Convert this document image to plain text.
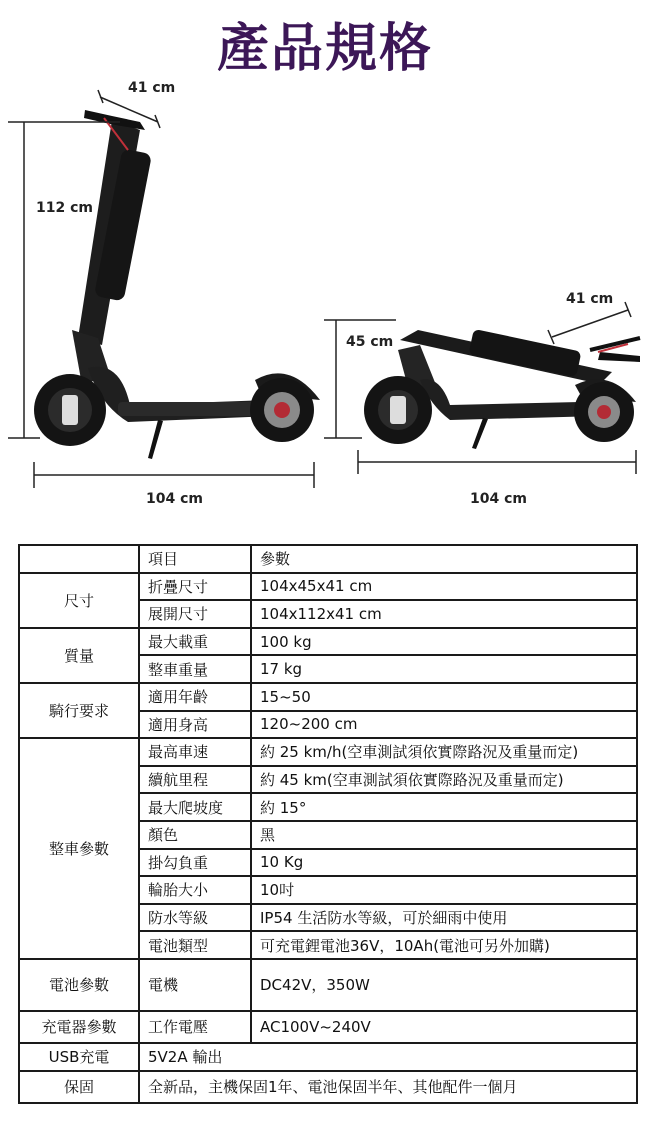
產品規格
41 cm
112 cm
104 cm
41 cm
45 cm
104 cm
	項目	參數
尺寸	折疊尺寸	104x45x41 cm
	展開尺寸	104x112x41 cm
質量	最大載重	100 kg
	整車重量	17 kg
騎行要求	適用年齡	15~50
	適用身高	120~200 cm
整車參數	最高車速	約 25 km/h(空車測試須依實際路況及重量而定)
	續航里程	約 45 km(空車測試須依實際路況及重量而定)
	最大爬坡度	約 15°
	顏色	黑
	掛勾負重	10 Kg
	輪胎大小	10吋
	防水等級	IP54 生活防水等級，可於細雨中使用
	電池類型	可充電鋰電池36V，10Ah(電池可另外加購)
電池參數	電機	DC42V，350W
充電器參數	工作電壓	AC100V~240V
USB充電	5V2A 輸出	
保固	全新品，主機保固1年、電池保固半年、其他配件一個月	
